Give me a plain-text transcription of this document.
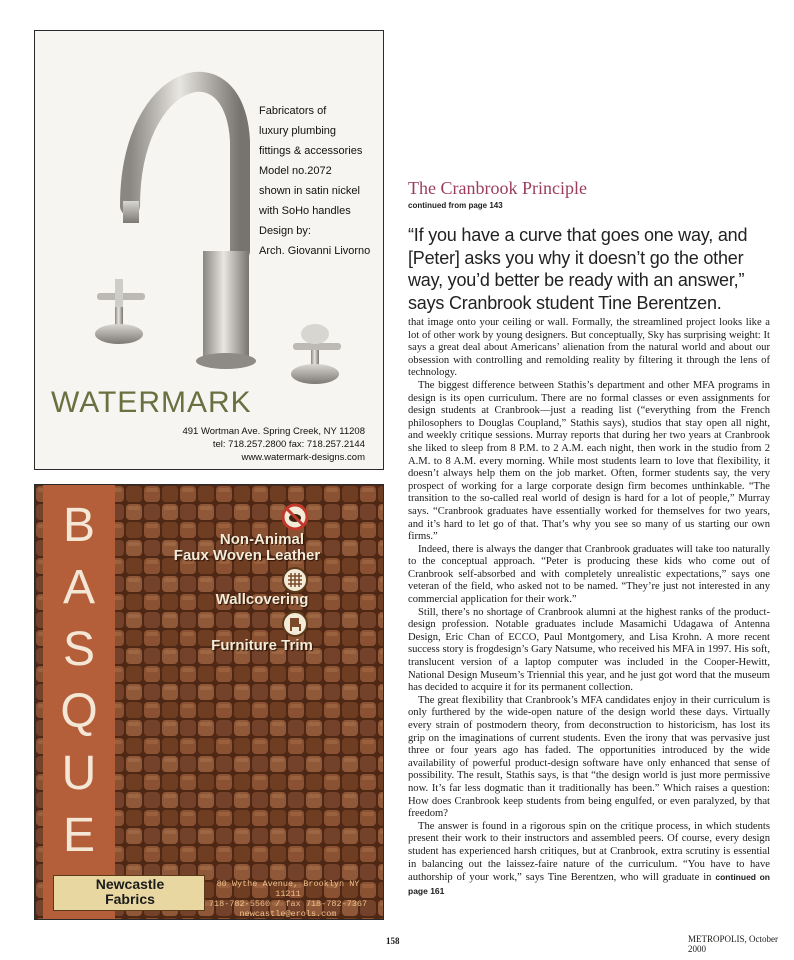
Fabricators of
luxury plumbing
fittings & accessories
Model no.2072
shown in satin nickel
with SoHo handles
Design by:
Arch. Giovanni Livorno
WATERMARK
491 Wortman Ave. Spring Creek, NY 11208
tel: 718.257.2800 fax: 718.257.2144
www.watermark-designs.com
B
A
S
Q
U
E
Non-Animal
Faux Woven Leather
Wallcovering
Furniture Trim
Newcastle
Fabrics
80 Wythe Avenue, Brooklyn NY 11211
718-782-5560 / fax 718-782-7367
newcastle@erols.com
The Cranbrook Principle
continued from page 143
“If you have a curve that goes one way, and [Peter] asks you why it doesn’t go the other way, you’d better be ready with an answer,” says Cranbrook student Tine Berentzen.

that image onto your ceiling or wall. Formally, the streamlined project looks like a lot of other work by young designers. But conceptually, Sky has surprising weight: It says a great deal about Americans’ alienation from the natural world and about our obsession with controlling and remolding reality by filtering it through the lens of technology.

The biggest difference between Stathis’s department and other MFA programs in design is its open curriculum. There are no formal classes or even assignments for design students at Cranbrook—just a reading list (“everything from the French philosophers to Douglas Coupland,” Stathis says), studios that stay open all night, and weekly critique sessions. Murray reports that during her two years at Cranbrook she liked to sleep from 8 P.M. to 2 A.M. each night, then work in the studio from 2 A.M. to 8 A.M. every morning. While most students learn to love that flexibility, it doesn’t always help them on the job market. Often, former students say, the very prospect of working for a large corporate design firm becomes unthinkable. “The transition to the so-called real world of design is hard for a lot of people,” Murray says. “Cranbrook graduates have essentially worked for themselves for two years, and it’s hard to let go of that. That’s why you see so many of us starting our own firms.”

Indeed, there is always the danger that Cranbrook graduates will take too naturally to the conceptual approach. “Peter is producing these kids who come out of Cranbrook self-absorbed and with completely unrealistic expectations,” says one veteran of the field, who asked not to be named. “They’re just not interested in any commercial application for their work.”

Still, there’s no shortage of Cranbrook alumni at the highest ranks of the product-design profession. Notable graduates include Masamichi Udagawa of Antenna Design, Eric Chan of ECCO, Paul Montgomery, and Lisa Krohn. A more recent success story is frogdesign’s Gary Natsume, who received his MFA in 1997. His soft, translucent version of a laptop computer was included in the Cooper-Hewitt, National Design Museum’s Triennial this year, and he just got word that the museum has decided to acquire it for its permanent collection.

The great flexibility that Cranbrook’s MFA candidates enjoy in their curriculum is only furthered by the wide-open nature of the design world these days. Virtually every strain of postmodern theory, from deconstruction to historicism, has lost its grip on the imaginations of current students. Even the irony that was pervasive just three or four years ago has faded. The opportunities introduced by the wide availability of powerful product-design software have only enhanced that sense of possibility. The result, Stathis says, is that “the design world is just more permissive now. It’s far less dogmatic than it traditionally has been.” Which raises a question: How does Cranbrook keep students from being engulfed, or even paralyzed, by that freedom?

The answer is found in a rigorous spin on the critique process, in which students present their work to their instructors and assembled peers. Of course, every design student has experienced harsh critiques, but at Cranbrook, extra scrutiny is essential in balancing out the laissez-faire nature of the curriculum. “You have to have authorship of your work,” says Tine Berentzen, who will graduate in continued on page 161

158	METROPOLIS, October 2000
